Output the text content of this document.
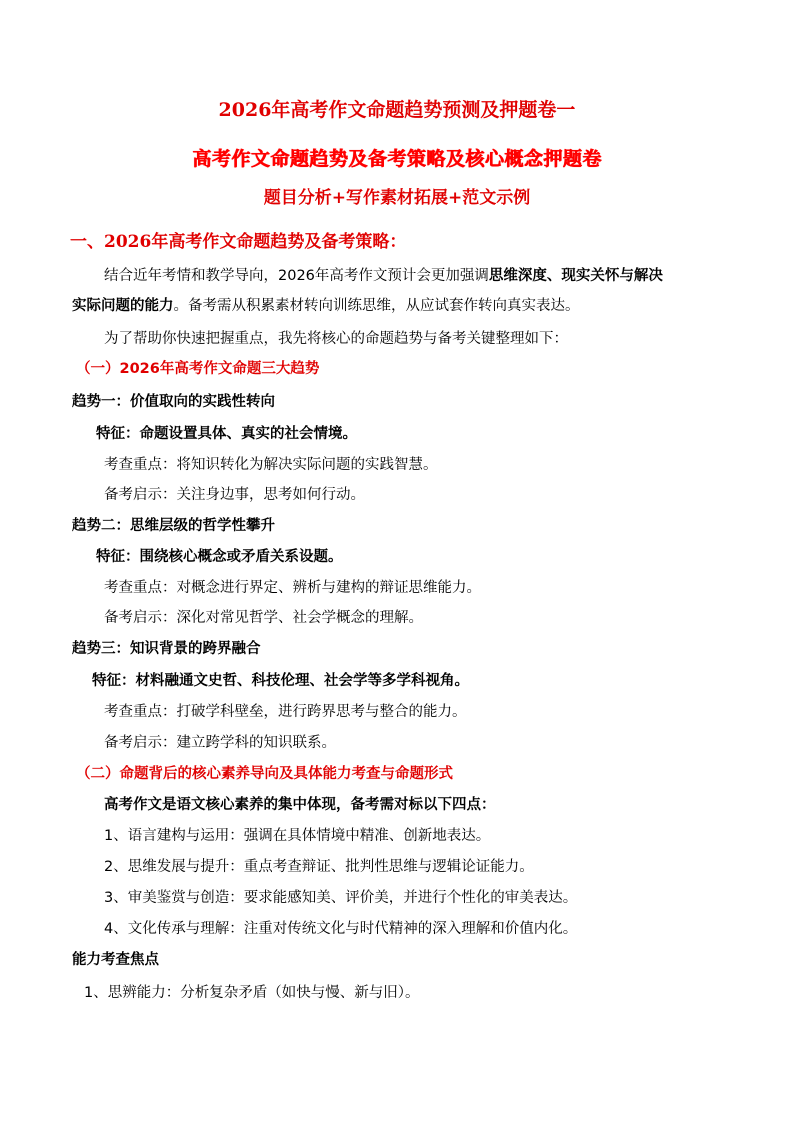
2026年高考作文命题趋势预测及押题卷一
高考作文命题趋势及备考策略及核心概念押题卷
题目分析+写作素材拓展+范文示例
一、2026年高考作文命题趋势及备考策略：
结合近年考情和教学导向，2026年高考作文预计会更加强调思维深度、现实关怀与解决
实际问题的能力。备考需从积累素材转向训练思维，从应试套作转向真实表达。
为了帮助你快速把握重点，我先将核心的命题趋势与备考关键整理如下：
（一）2026年高考作文命题三大趋势
趋势一：价值取向的实践性转向
特征：命题设置具体、真实的社会情境。
考查重点：将知识转化为解决实际问题的实践智慧。
备考启示：关注身边事，思考如何行动。
趋势二：思维层级的哲学性攀升
特征：围绕核心概念或矛盾关系设题。
考查重点：对概念进行界定、辨析与建构的辩证思维能力。
备考启示：深化对常见哲学、社会学概念的理解。
趋势三：知识背景的跨界融合
特征：材料融通文史哲、科技伦理、社会学等多学科视角。
考查重点：打破学科壁垒，进行跨界思考与整合的能力。
备考启示：建立跨学科的知识联系。
（二）命题背后的核心素养导向及具体能力考查与命题形式
高考作文是语文核心素养的集中体现，备考需对标以下四点：
1、语言建构与运用：强调在具体情境中精准、创新地表达。
2、思维发展与提升：重点考查辩证、批判性思维与逻辑论证能力。
3、审美鉴赏与创造：要求能感知美、评价美，并进行个性化的审美表达。
4、文化传承与理解：注重对传统文化与时代精神的深入理解和价值内化。
能力考查焦点
1、思辨能力：分析复杂矛盾（如快与慢、新与旧）。
